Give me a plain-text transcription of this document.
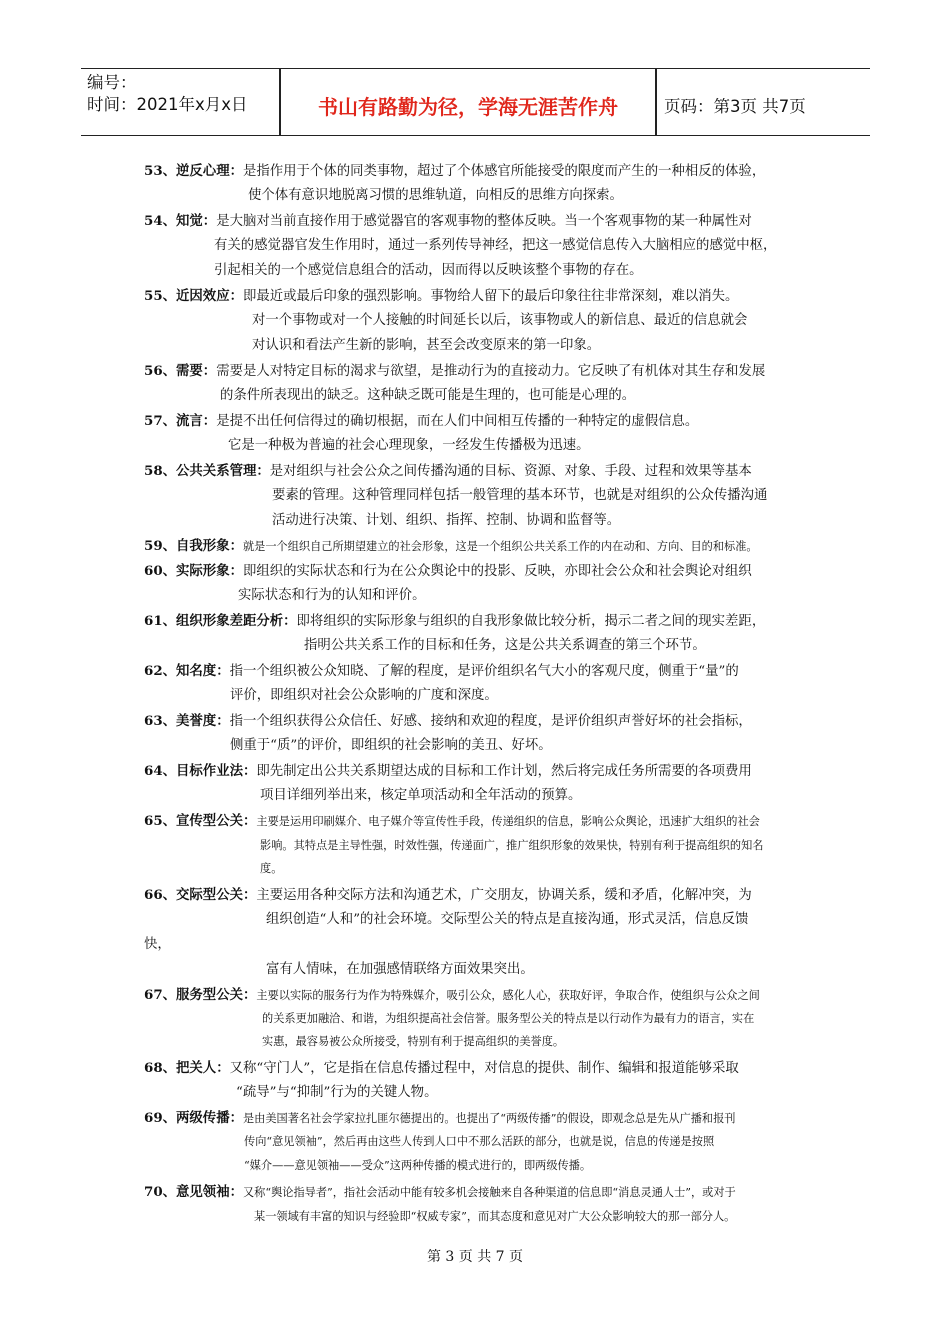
编号：
时间：2021年x月x日	书山有路勤为径，学海无涯苦作舟	页码：第3页 共7页
53、逆反心理：是指作用于个体的同类事物，超过了个体感官所能接受的限度而产生的一种相反的体验，
使个体有意识地脱离习惯的思维轨道，向相反的思维方向探索。
54、知觉：是大脑对当前直接作用于感觉器官的客观事物的整体反映。当一个客观事物的某一种属性对
有关的感觉器官发生作用时，通过一系列传导神经，把这一感觉信息传入大脑相应的感觉中枢，
引起相关的一个感觉信息组合的活动，因而得以反映该整个事物的存在。
55、近因效应：即最近或最后印象的强烈影响。事物给人留下的最后印象往往非常深刻，难以消失。
对一个事物或对一个人接触的时间延长以后，该事物或人的新信息、最近的信息就会
对认识和看法产生新的影响，甚至会改变原来的第一印象。
56、需要：需要是人对特定目标的渴求与欲望，是推动行为的直接动力。它反映了有机体对其生存和发展
的条件所表现出的缺乏。这种缺乏既可能是生理的，也可能是心理的。
57、流言：是提不出任何信得过的确切根据，而在人们中间相互传播的一种特定的虚假信息。
它是一种极为普遍的社会心理现象，一经发生传播极为迅速。
58、公共关系管理：是对组织与社会公众之间传播沟通的目标、资源、对象、手段、过程和效果等基本
要素的管理。这种管理同样包括一般管理的基本环节，也就是对组织的公众传播沟通
活动进行决策、计划、组织、指挥、控制、协调和监督等。
59、自我形象：就是一个组织自己所期望建立的社会形象，这是一个组织公共关系工作的内在动和、方向、目的和标准。
60、实际形象：即组织的实际状态和行为在公众舆论中的投影、反映，亦即社会公众和社会舆论对组织
实际状态和行为的认知和评价。
61、组织形象差距分析：即将组织的实际形象与组织的自我形象做比较分析，揭示二者之间的现实差距，
指明公共关系工作的目标和任务，这是公共关系调查的第三个环节。
62、知名度：指一个组织被公众知晓、了解的程度，是评价组织名气大小的客观尺度，侧重于“量”的
评价，即组织对社会公众影响的广度和深度。
63、美誉度：指一个组织获得公众信任、好感、接纳和欢迎的程度，是评价组织声誉好坏的社会指标，
侧重于“质”的评价，即组织的社会影响的美丑、好坏。
64、目标作业法：即先制定出公共关系期望达成的目标和工作计划，然后将完成任务所需要的各项费用
项目详细列举出来，核定单项活动和全年活动的预算。
65、宣传型公关：主要是运用印刷媒介、电子媒介等宣传性手段，传递组织的信息，影响公众舆论，迅速扩大组织的社会
影响。其特点是主导性强，时效性强，传递面广，推广组织形象的效果快，特别有利于提高组织的知名
度。
66、交际型公关：主要运用各种交际方法和沟通艺术，广交朋友，协调关系，缓和矛盾，化解冲突，为
组织创造“人和”的社会环境。交际型公关的特点是直接沟通，形式灵活，信息反馈
快，
富有人情味，在加强感情联络方面效果突出。
67、服务型公关：主要以实际的服务行为作为特殊媒介，吸引公众，感化人心，获取好评，争取合作，使组织与公众之间
的关系更加融洽、和谐，为组织提高社会信誉。服务型公关的特点是以行动作为最有力的语言，实在
实惠，最容易被公众所接受，特别有利于提高组织的美誉度。
68、把关人：又称“守门人”，它是指在信息传播过程中，对信息的提供、制作、编辑和报道能够采取
“疏导”与“抑制”行为的关键人物。
69、两级传播：是由美国著名社会学家拉扎匪尔德提出的。也提出了“两级传播”的假设，即观念总是先从广播和报刊
传向“意见领袖”，然后再由这些人传到人口中不那么活跃的部分，也就是说，信息的传递是按照
“媒介——意见领袖——受众”这两种传播的模式进行的，即两级传播。
70、意见领袖：又称“舆论指导者”，指社会活动中能有较多机会接触来自各种渠道的信息即“消息灵通人士”，或对于
某一领域有丰富的知识与经验即“权威专家”，而其态度和意见对广大公众影响较大的那一部分人。
第 3 页 共 7 页
